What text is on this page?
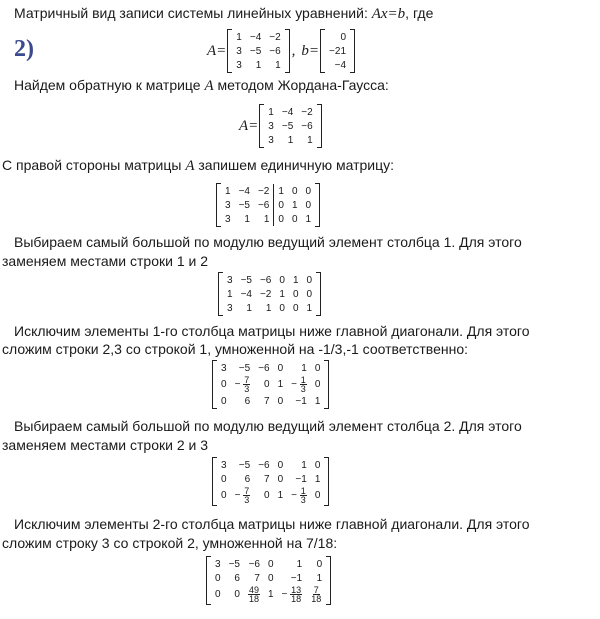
Матричный вид записи системы линейных уравнений: Ax=b, где
2)	A=
1	−4	−2
3	−5	−6
3	1	1
, b=
0
−21
−4
Найдем обратную к матрице A методом Жордана-Гаусса:
A=
1	−4	−2
3	−5	−6
3	1	1
С правой стороны матрицы A запишем единичную матрицу:
1	−4	−2	1	0	0
3	−5	−6	0	1	0
3	1	1	0	0	1
Выбираем самый большой по модулю ведущий элемент столбца 1. Для этого
заменяем местами строки 1 и 2
3	−5	−6	0	1	0
1	−4	−2	1	0	0
3	1	1	0	0	1
Исключим элементы 1-го столбца матрицы ниже главной диагонали. Для этого
сложим строки 2,3 со строкой 1, умноженной на -1/3,-1 соответственно:
3	−5	−6	0	1	0
0	− $\frac{7}{3}$	0	1	− $\frac{1}{3}$	0
0	6	7	0	−1	1
Выбираем самый большой по модулю ведущий элемент столбца 2. Для этого
заменяем местами строки 2 и 3
3	−5	−6	0	1	0
0	6	7	0	−1	1
0	− $\frac{7}{3}$	0	1	− $\frac{1}{3}$	0
Исключим элементы 2-го столбца матрицы ниже главной диагонали. Для этого
сложим строку 3 со строкой 2, умноженной на 7/18:
3	−5	−6	0	1	0
0	6	7	0	−1	1
0	0	$\frac{49}{18}$	1	− $\frac{13}{18}$	$\frac{7}{18}$
